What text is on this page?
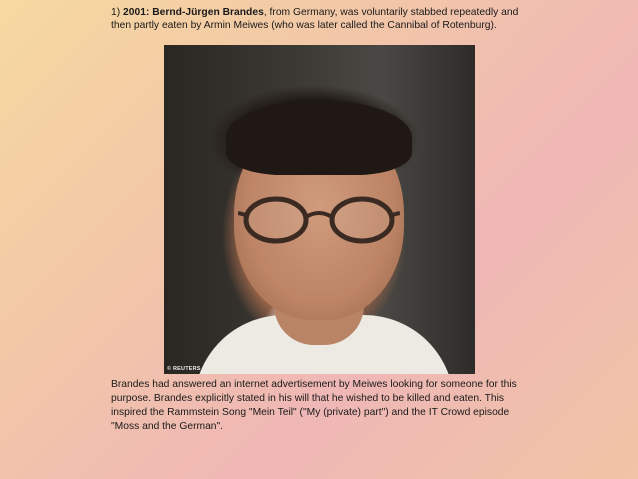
1) 2001: Bernd-Jürgen Brandes, from Germany, was voluntarily stabbed repeatedly and then partly eaten by Armin Meiwes (who was later called the Cannibal of Rotenburg).
© REUTERS
Brandes had answered an internet advertisement by Meiwes looking for someone for this purpose. Brandes explicitly stated in his will that he wished to be killed and eaten. This inspired the Rammstein Song "Mein Teil" ("My (private) part") and the IT Crowd episode "Moss and the German".
